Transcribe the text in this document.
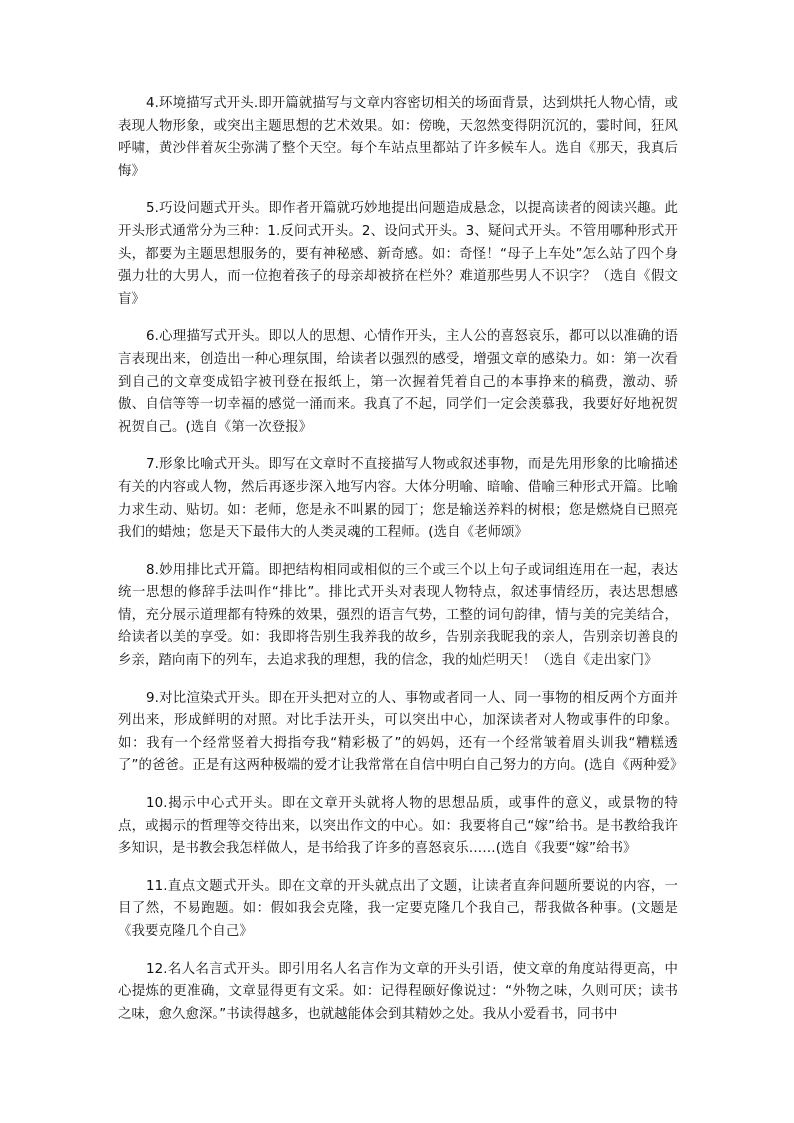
4.环境描写式开头.即开篇就描写与文章内容密切相关的场面背景，达到烘托人物心情，或表现人物形象，或突出主题思想的艺术效果。如：傍晚，天忽然变得阴沉沉的，霎时间，狂风呼啸，黄沙伴着灰尘弥满了整个天空。每个车站点里都站了许多候车人。选自《那天，我真后悔》

5.巧设问题式开头。即作者开篇就巧妙地提出问题造成悬念，以提高读者的阅读兴趣。此开头形式通常分为三种：1.反问式开头。2、设问式开头。3、疑问式开头。不管用哪种形式开头，都要为主题思想服务的，要有神秘感、新奇感。如：奇怪！“母子上车处”怎么站了四个身强力壮的大男人，而一位抱着孩子的母亲却被挤在栏外？难道那些男人不识字？（选自《假文盲》

6.心理描写式开头。即以人的思想、心情作开头，主人公的喜怒哀乐，都可以以准确的语言表现出来，创造出一种心理氛围，给读者以强烈的感受，增强文章的感染力。如：第一次看到自己的文章变成铅字被刊登在报纸上，第一次握着凭着自己的本事挣来的稿费，激动、骄傲、自信等等一切幸福的感觉一涌而来。我真了不起，同学们一定会羡慕我，我要好好地祝贺祝贺自己。(选自《第一次登报》

7.形象比喻式开头。即写在文章时不直接描写人物或叙述事物，而是先用形象的比喻描述有关的内容或人物，然后再逐步深入地写内容。大体分明喻、暗喻、借喻三种形式开篇。比喻力求生动、贴切。如：老师，您是永不叫累的园丁；您是输送养料的树根；您是燃烧自已照亮我们的蜡烛；您是天下最伟大的人类灵魂的工程师。(选自《老师颂》

8.妙用排比式开篇。即把结构相同或相似的三个或三个以上句子或词组连用在一起，表达统一思想的修辞手法叫作“排比”。排比式开头对表现人物特点，叙述事情经历，表达思想感情，充分展示道理都有特殊的效果，强烈的语言气势，工整的词句韵律，情与美的完美结合，给读者以美的享受。如：我即将告别生我养我的故乡，告别亲我昵我的亲人，告别亲切善良的乡亲，踏向南下的列车，去追求我的理想，我的信念，我的灿烂明天！（选自《走出家门》

9.对比渲染式开头。即在开头把对立的人、事物或者同一人、同一事物的相反两个方面并列出来，形成鲜明的对照。对比手法开头，可以突出中心，加深读者对人物或事件的印象。如：我有一个经常竖着大拇指夸我“精彩极了”的妈妈，还有一个经常皱着眉头训我“糟糕透了”的爸爸。正是有这两种极端的爱才让我常常在自信中明白自己努力的方向。(选自《两种爱》

10.揭示中心式开头。即在文章开头就将人物的思想品质，或事件的意义，或景物的特点，或揭示的哲理等交待出来，以突出作文的中心。如：我要将自己“嫁”给书。是书教给我许多知识，是书教会我怎样做人，是书给我了许多的喜怒哀乐……(选自《我要“嫁”给书》

11.直点文题式开头。即在文章的开头就点出了文题，让读者直奔问题所要说的内容，一目了然，不易跑题。如：假如我会克隆，我一定要克隆几个我自己，帮我做各种事。(文题是《我要克隆几个自己》

12.名人名言式开头。即引用名人名言作为文章的开头引语，使文章的角度站得更高，中心提炼的更准确，文章显得更有文采。如：记得程颐好像说过：“外物之味，久则可厌；读书之味，愈久愈深。”书读得越多，也就越能体会到其精妙之处。我从小爱看书，同书中
